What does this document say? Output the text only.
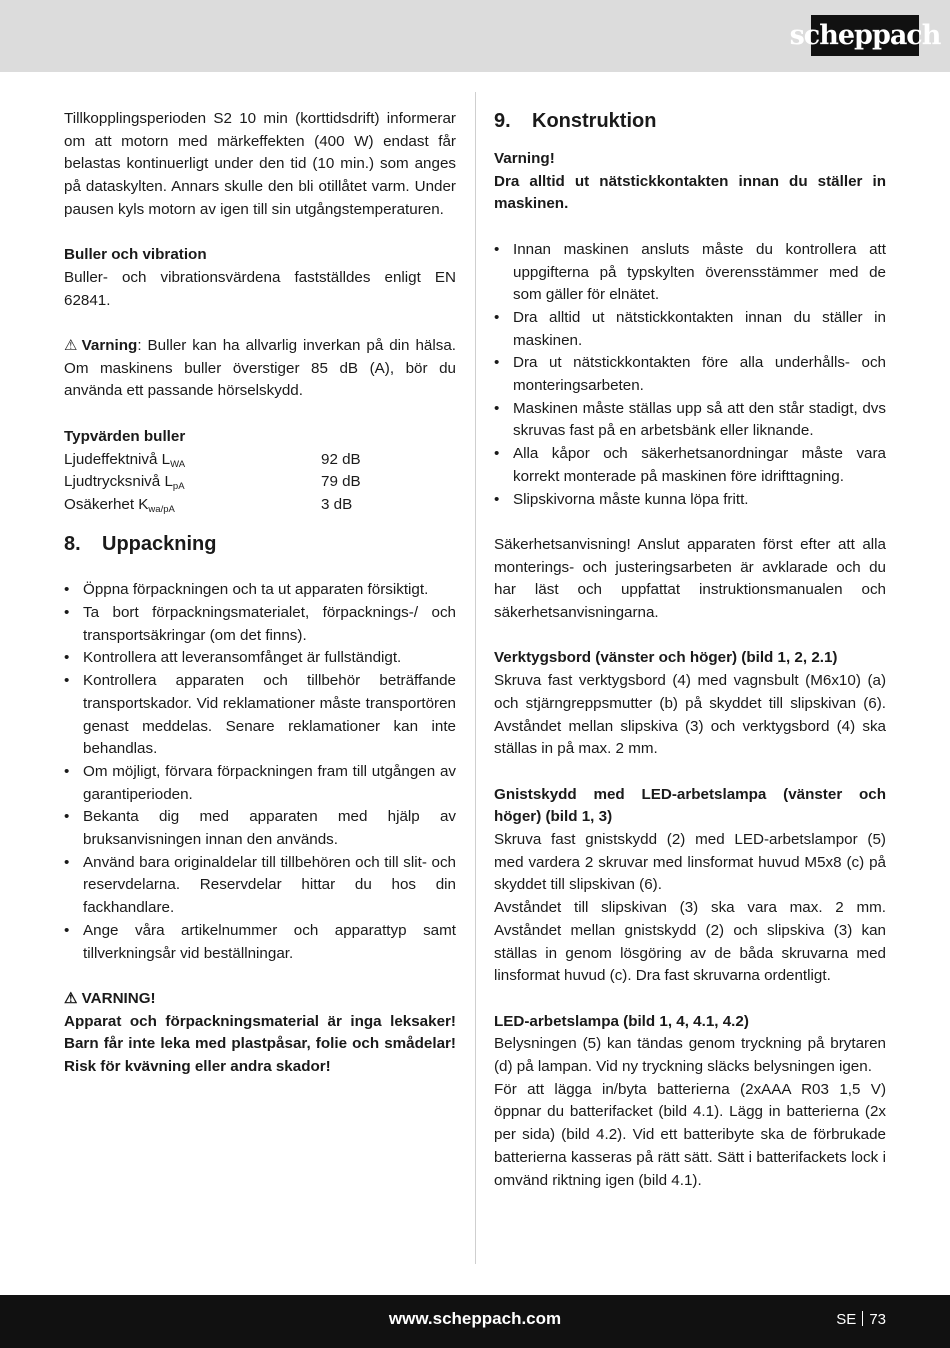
scheppach

Tillkopplingsperioden S2 10 min (korttidsdrift) informerar om att motorn med märkeffekten (400 W) endast får belastas kontinuerligt under den tid (10 min.) som anges på dataskylten. Annars skulle den bli otillåtet varm. Under pausen kyls motorn av igen till sin utgångstemperaturen.

Buller och vibration

Buller- och vibrationsvärdena fastställdes enligt EN 62841.

⚠ Varning: Buller kan ha allvarlig inverkan på din hälsa. Om maskinens buller överstiger 85 dB (A), bör du använda ett passande hörselskydd.

Typvärden buller

Ljudeffektnivå $L_{WA}$	92 dB
Ljudtrycksnivå $L_{pA}$	79 dB
Osäkerhet $K_{wa/pA}$	3 dB
8. Uppackning
• Öppna förpackningen och ta ut apparaten försiktigt.
• Ta bort förpackningsmaterialet, förpacknings-/ och transportsäkringar (om det finns).
• Kontrollera att leveransomfånget är fullständigt.
• Kontrollera apparaten och tillbehör beträffande transportskador. Vid reklamationer måste transportören genast meddelas. Senare reklamationer kan inte behandlas.
• Om möjligt, förvara förpackningen fram till utgången av garantiperioden.
• Bekanta dig med apparaten med hjälp av bruksanvisningen innan den används.
• Använd bara originaldelar till tillbehören och till slit- och reservdelarna. Reservdelar hittar du hos din fackhandlare.
• Ange våra artikelnummer och apparattyp samt tillverkningsår vid beställningar.

⚠ VARNING!

Apparat och förpackningsmaterial är inga leksaker! Barn får inte leka med plastpåsar, folie och smådelar! Risk för kvävning eller andra skador!

9. Konstruktion

Varning!

Dra alltid ut nätstickkontakten innan du ställer in maskinen.

• Innan maskinen ansluts måste du kontrollera att uppgifterna på typskylten överensstämmer med de som gäller för elnätet.
• Dra alltid ut nätstickkontakten innan du ställer in maskinen.
• Dra ut nätstickkontakten före alla underhålls- och monteringsarbeten.
• Maskinen måste ställas upp så att den står stadigt, dvs skruvas fast på en arbetsbänk eller liknande.
• Alla kåpor och säkerhetsanordningar måste vara korrekt monterade på maskinen före idrifttagning.
• Slipskivorna måste kunna löpa fritt.

Säkerhetsanvisning! Anslut apparaten först efter att alla monterings- och justeringsarbeten är avklarade och du har läst och uppfattat instruktionsmanualen och säkerhetsanvisningarna.

Verktygsbord (vänster och höger) (bild 1, 2, 2.1)

Skruva fast verktygsbord (4) med vagnsbult (M6x10) (a) och stjärngreppsmutter (b) på skyddet till slipskivan (6). Avståndet mellan slipskiva (3) och verktygsbord (4) ska ställas in på max. 2 mm.

Gnistskydd med LED-arbetslampa (vänster och höger) (bild 1, 3)

Skruva fast gnistskydd (2) med LED-arbetslampor (5) med vardera 2 skruvar med linsformat huvud M5x8 (c) på skyddet till slipskivan (6).

Avståndet till slipskivan (3) ska vara max. 2 mm. Avståndet mellan gnistskydd (2) och slipskiva (3) kan ställas in genom lösgöring av de båda skruvarna med linsformat huvud (c). Dra fast skruvarna ordentligt.

LED-arbetslampa (bild 1, 4, 4.1, 4.2)

Belysningen (5) kan tändas genom tryckning på brytaren (d) på lampan. Vid ny tryckning släcks belysningen igen.

För att lägga in/byta batterierna (2xAAA R03 1,5 V) öppnar du batterifacket (bild 4.1). Lägg in batterierna (2x per sida) (bild 4.2). Vid ett batteribyte ska de förbrukade batterierna kasseras på rätt sätt. Sätt i batterifackets lock i omvänd riktning igen (bild 4.1).

www.scheppach.com	SE 73
